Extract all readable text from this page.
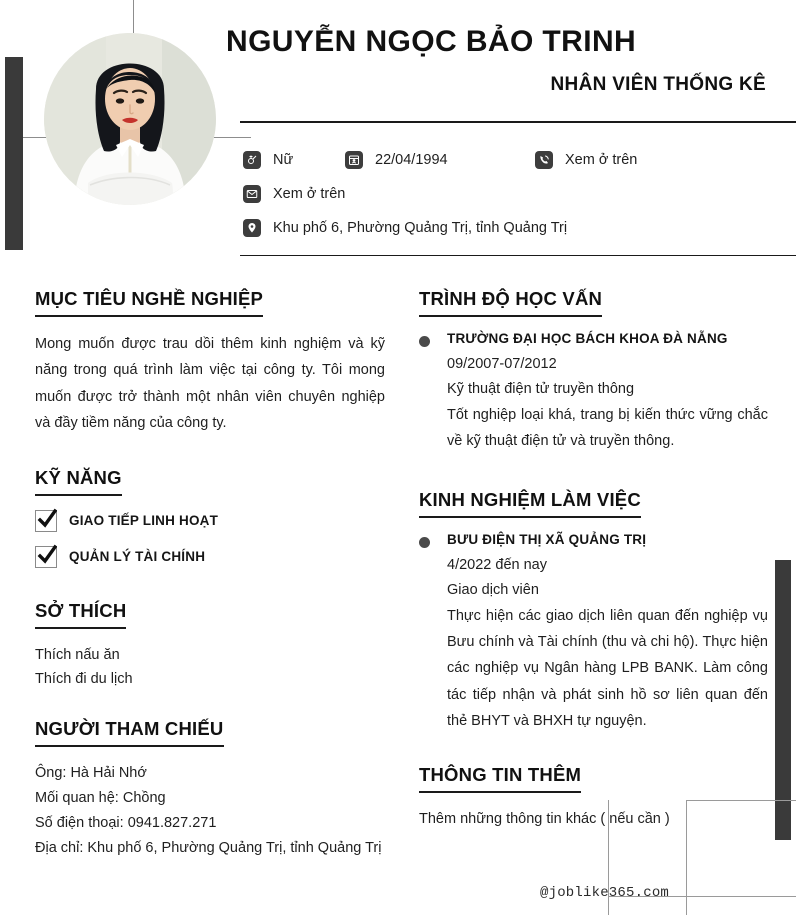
NGUYỄN NGỌC BẢO TRINH
NHÂN VIÊN THỐNG KÊ
Nữ	22/04/1994	Xem ở trên
Xem ở trên
Khu phố 6, Phường Quảng Trị, tỉnh Quảng Trị
MỤC TIÊU NGHỀ NGHIỆP
Mong muốn được trau dồi thêm kinh nghiệm và kỹ năng trong quá trình làm việc tại công ty. Tôi mong muốn được trở thành một nhân viên chuyên nghiệp và đầy tiềm năng của công ty.
KỸ NĂNG
GIAO TIẾP LINH HOẠT
QUẢN LÝ TÀI CHÍNH
SỞ THÍCH
Thích nấu ăn
Thích đi du lịch
NGƯỜI THAM CHIẾU
Ông: Hà Hải Nhớ
Mối quan hệ: Chồng
Số điện thoại: 0941.827.271
Địa chỉ: Khu phố 6, Phường Quảng Trị, tỉnh Quảng Trị
TRÌNH ĐỘ HỌC VẤN
TRƯỜNG ĐẠI HỌC BÁCH KHOA ĐÀ NẴNG
09/2007-07/2012
Kỹ thuật điện tử truyền thông
Tốt nghiệp loại khá, trang bị kiến thức vững chắc về kỹ thuật điện tử và truyền thông.
KINH NGHIỆM LÀM VIỆC
BƯU ĐIỆN THỊ XÃ QUẢNG TRỊ
4/2022 đến nay
Giao dịch viên
Thực hiện các giao dịch liên quan đến nghiệp vụ Bưu chính và Tài chính (thu và chi hộ). Thực hiện các nghiệp vụ Ngân hàng LPB BANK. Làm công tác tiếp nhận và phát sinh hồ sơ liên quan đến thẻ BHYT và BHXH tự nguyện.
THÔNG TIN THÊM
Thêm những thông tin khác ( nếu cần )
@joblike365.com
